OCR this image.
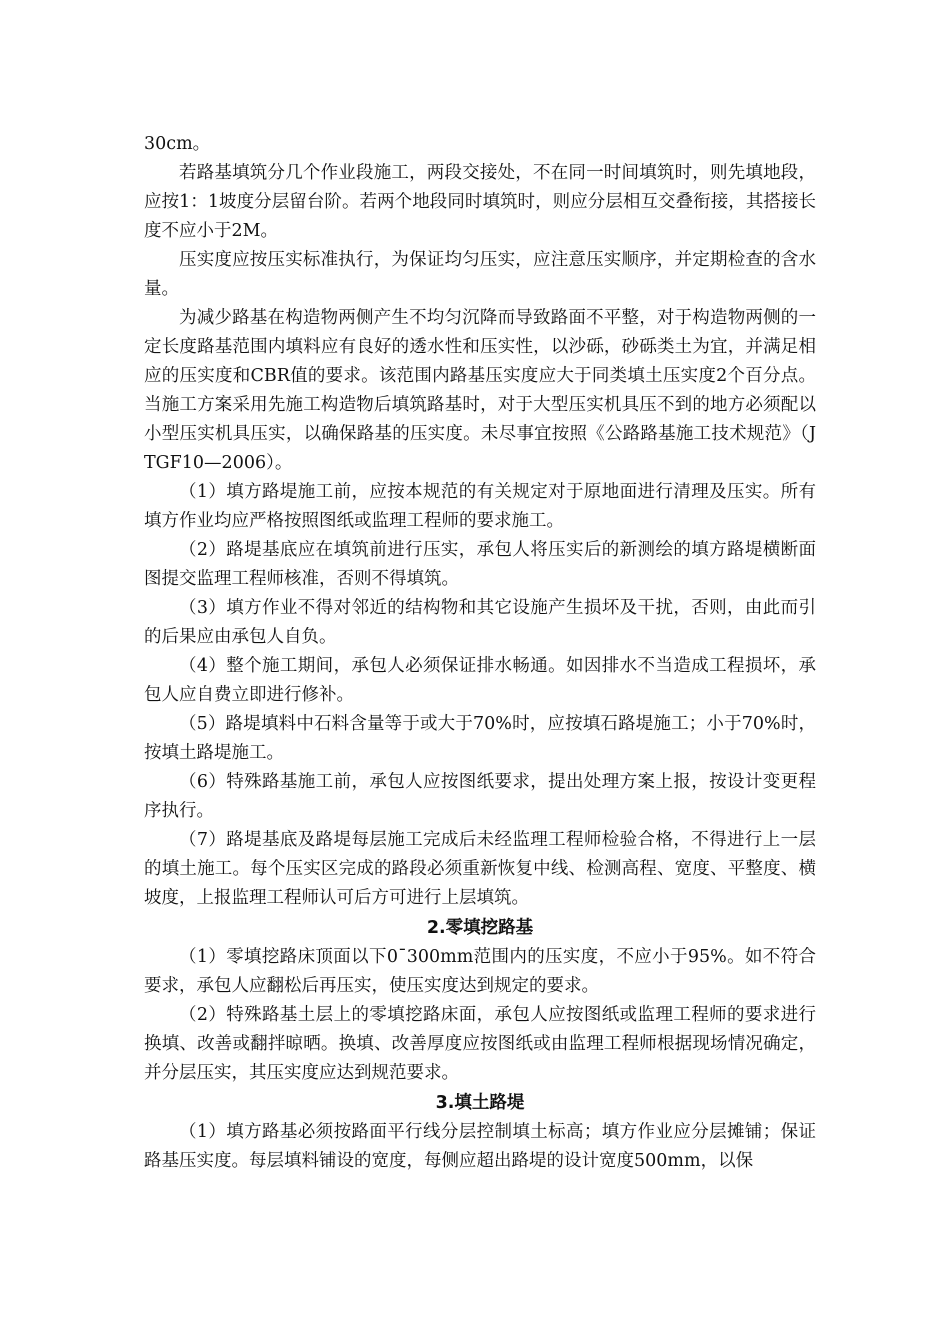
30cm。

若路基填筑分几个作业段施工，两段交接处，不在同一时间填筑时，则先填地段，应按1：1坡度分层留台阶。若两个地段同时填筑时，则应分层相互交叠衔接，其搭接长度不应小于2M。

压实度应按压实标准执行，为保证均匀压实，应注意压实顺序，并定期检查的含水量。

为减少路基在构造物两侧产生不均匀沉降而导致路面不平整，对于构造物两侧的一定长度路基范围内填料应有良好的透水性和压实性，以沙砾，砂砾类土为宜，并满足相应的压实度和CBR值的要求。该范围内路基压实度应大于同类填土压实度2个百分点。当施工方案采用先施工构造物后填筑路基时，对于大型压实机具压不到的地方必须配以小型压实机具压实，以确保路基的压实度。未尽事宜按照《公路路基施工技术规范》（JTGF10—2006）。

（1）填方路堤施工前，应按本规范的有关规定对于原地面进行清理及压实。所有填方作业均应严格按照图纸或监理工程师的要求施工。

（2）路堤基底应在填筑前进行压实，承包人将压实后的新测绘的填方路堤横断面图提交监理工程师核准，否则不得填筑。

（3）填方作业不得对邻近的结构物和其它设施产生损坏及干扰，否则，由此而引的后果应由承包人自负。

（4）整个施工期间，承包人必须保证排水畅通。如因排水不当造成工程损坏，承包人应自费立即进行修补。

（5）路堤填料中石料含量等于或大于70%时，应按填石路堤施工；小于70%时，按填土路堤施工。

（6）特殊路基施工前，承包人应按图纸要求，提出处理方案上报，按设计变更程序执行。

（7）路堤基底及路堤每层施工完成后未经监理工程师检验合格，不得进行上一层的填土施工。每个压实区完成的路段必须重新恢复中线、检测高程、宽度、平整度、横坡度，上报监理工程师认可后方可进行上层填筑。

2.零填挖路基

（1）零填挖路床顶面以下0¯300mm范围内的压实度，不应小于95%。如不符合要求，承包人应翻松后再压实，使压实度达到规定的要求。

（2）特殊路基土层上的零填挖路床面，承包人应按图纸或监理工程师的要求进行换填、改善或翻拌晾晒。换填、改善厚度应按图纸或由监理工程师根据现场情况确定，并分层压实，其压实度应达到规范要求。

3.填土路堤

（1）填方路基必须按路面平行线分层控制填土标高；填方作业应分层摊铺；保证路基压实度。每层填料铺设的宽度，每侧应超出路堤的设计宽度500mm，以保
